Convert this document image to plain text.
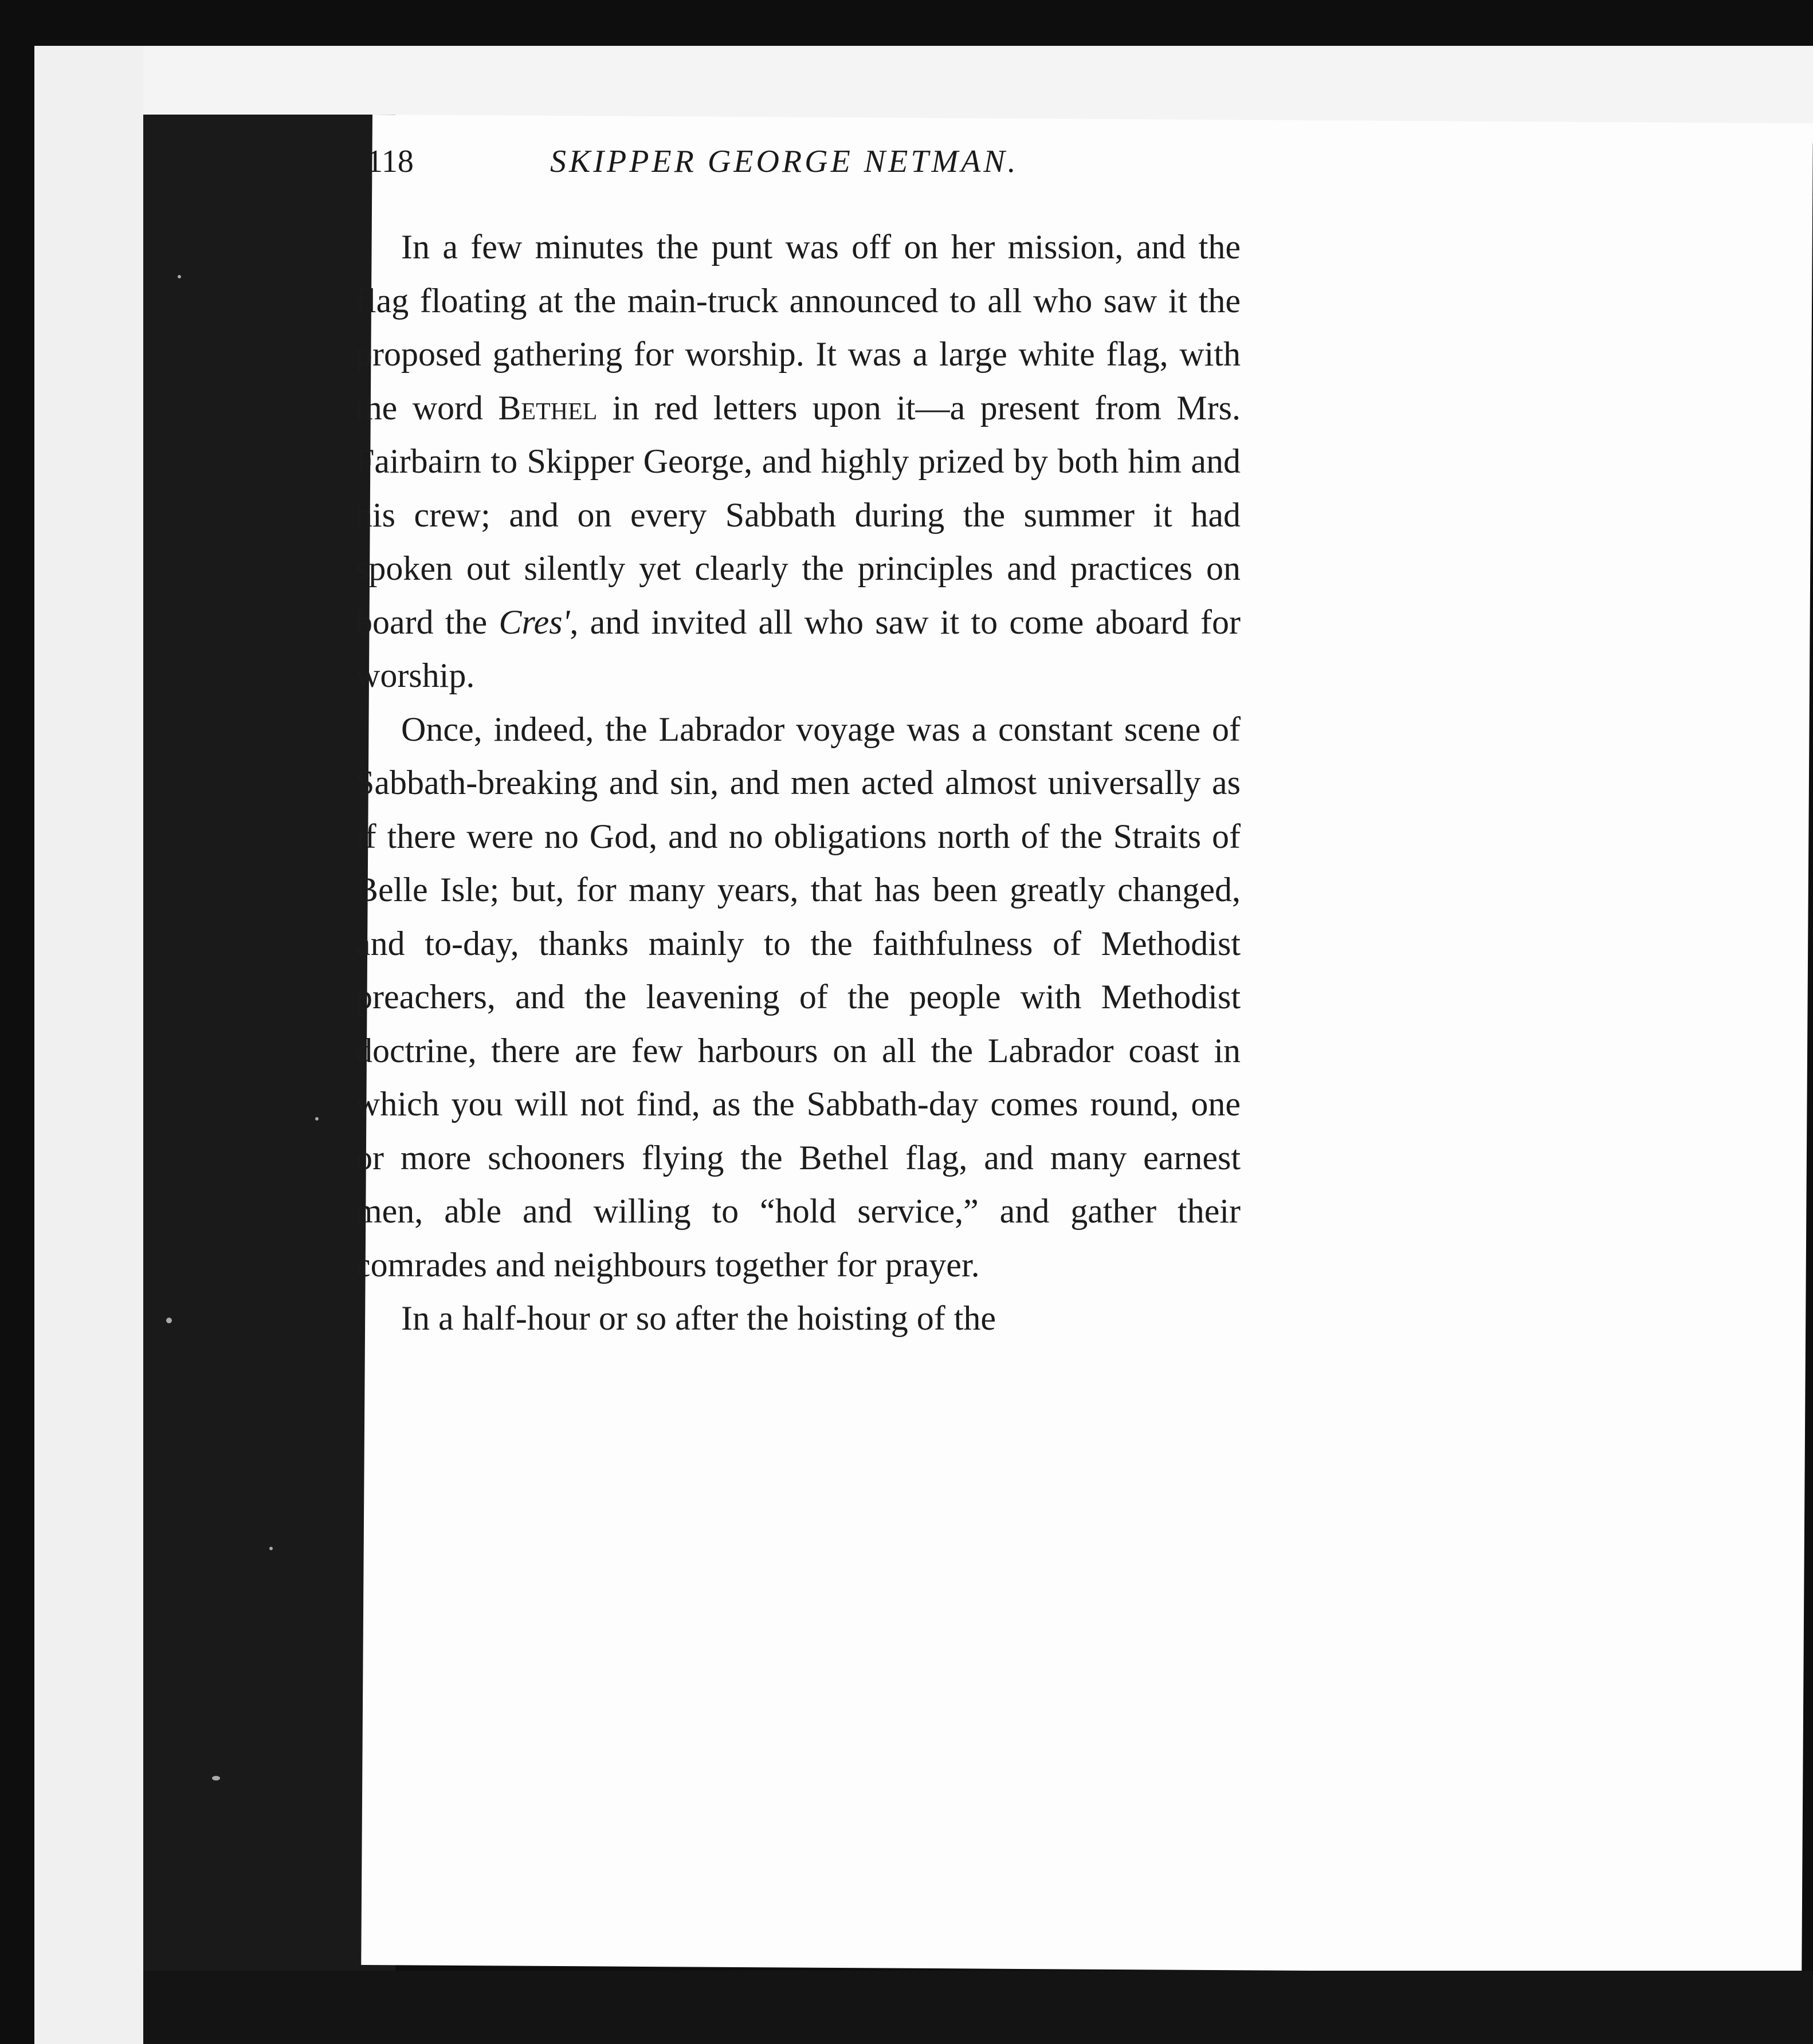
118	SKIPPER GEORGE NETMAN.

In a few minutes the punt was off on her mission, and the flag floating at the main-truck announced to all who saw it the proposed gathering for worship. It was a large white flag, with the word Bethel in red letters upon it—a present from Mrs. Fairbairn to Skipper George, and highly prized by both him and his crew; and on every Sabbath during the summer it had spoken out silently yet clearly the principles and practices on board the Cres', and invited all who saw it to come aboard for worship.

Once, indeed, the Labrador voyage was a constant scene of Sabbath-breaking and sin, and men acted almost universally as if there were no God, and no obligations north of the Straits of Belle Isle; but, for many years, that has been greatly changed, and to-day, thanks mainly to the faithfulness of Methodist preachers, and the leavening of the people with Methodist doctrine, there are few harbours on all the Labrador coast in which you will not find, as the Sabbath-day comes round, one or more schooners flying the Bethel flag, and many earnest men, able and willing to “hold service,” and gather their comrades and neighbours together for prayer.

In a half-hour or so after the hoisting of the
